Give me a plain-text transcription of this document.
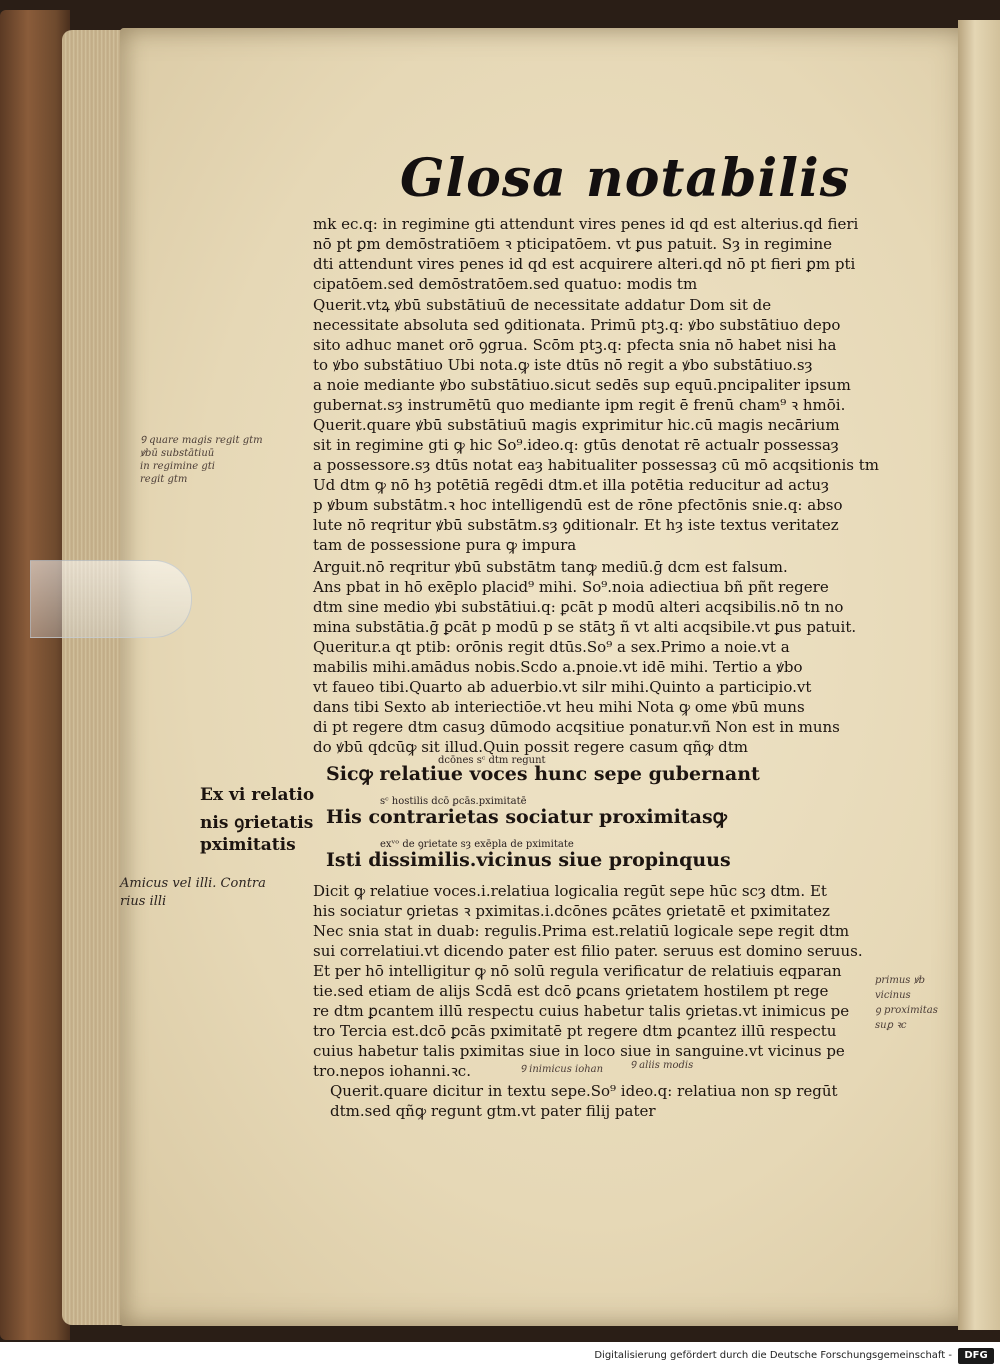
Glosa notabilis
mk ec.q: in regimine gti attendunt vires penes id qd est alterius.qd fieri
nō pt ꝑm demōstratiōem ꝛ pticipatōem. vt ꝑus patuit. Sȝ in regimine
dti attendunt vires penes id qd est acquirere alteri.qd nō pt fieri ꝑm pti
cipatōem.sed demōstratōem.sed quatuo: modis tm
Querit.vtꝝ ꝟbū substātiuū de necessitate addatur Dom sit de
necessitate absoluta sed ꝯditionata. Primū ptꝫ.q: ꝟbo substātiuo depo
sito adhuc manet orō ꝯgrua. Scōm ptꝫ.q: pfecta snia nō habet nisi ha
to ꝟbo substātiuo Ubi nota.ꝙ iste dtūs nō regit a ꝟbo substātiuo.sȝ
a noie mediante ꝟbo substātiuo.sicut sedēs sup equū.pncipaliter ipsum
gubernat.sȝ instrumētū quo mediante ipm regit ē frenū cham⁹ ꝛ hmōi.
Querit.quare ꝟbū substātiuū magis exprimitur hic.cū magis necārium
sit in regimine gti ꝙ hic So⁹.ideo.q: gtūs denotat rē actualr possessaȝ
a possessore.sȝ dtūs notat eaȝ habitualiter possessaȝ cū mō acqsitionis tm
Ud dtm ꝙ nō hȝ potētiā regēdi dtm.et illa potētia reducitur ad actuȝ
p ꝟbum substātm.ꝛ hoc intelligendū est de rōne pfectōnis snie.q: abso
lute nō reqritur ꝟbū substātm.sȝ ꝯditionalr. Et hȝ iste textus veritatez
tam de possessione pura ꝙ impura
Arguit.nō reqritur ꝟbū substātm tanꝙ mediū.ḡ dcm est falsum.
Ans pbat in hō exēplo placid⁹ mihi. So⁹.noia adiectiua bñ pñt regere
dtm sine medio ꝟbi substātiui.q: ꝑcāt p modū alteri acqsibilis.nō tn no
mina substātia.ḡ ꝑcāt p modū p se stātꝫ ñ vt alti acqsibile.vt ꝑus patuit.
Queritur.a qt ptib: orōnis regit dtūs.So⁹ a sex.Primo a noie.vt a
mabilis mihi.amādus nobis.Scdo a.pnoie.vt idē mihi. Tertio a ꝟbo
vt faueo tibi.Quarto ab aduerbio.vt silr mihi.Quinto a participio.vt
dans tibi Sexto ab interiectiōe.vt heu mihi Nota ꝙ ome ꝟbū muns
di pt regere dtm casuȝ dūmodo acqsitiue ponatur.vñ Non est in muns
do ꝟbū qdcūꝙ sit illud.Quin possit regere casum qñꝙ dtm
dcōnes sᶜ dtm regunt
Sicꝙ relatiue voces hunc sepe gubernant
sᶜ hostilis dcō ꝑcās.pximitatē
His contrarietas sociatur proximitasꝙ
exᵛᵒ de ꝯrietate sȝ exēpla de pximitate
Isti dissimilis.vicinus siue propinquus
Ex vi relatio
nis ꝯrietatis
pximitatis
Dicit ꝙ relatiue voces.i.relatiua logicalia regūt sepe hūc scȝ dtm. Et
his sociatur ꝯrietas ꝛ pximitas.i.dcōnes ꝑcātes ꝯrietatē et pximitatez
Nec snia stat in duab: regulis.Prima est.relatiū logicale sepe regit dtm
sui correlatiui.vt dicendo pater est filio pater. seruus est domino seruus.
Et per hō intelligitur ꝙ nō solū regula verificatur de relatiuis eqparan
tie.sed etiam de alijs Scdā est dcō ꝑcans ꝯrietatem hostilem pt rege
re dtm ꝑcantem illū respectu cuius habetur talis ꝯrietas.vt inimicus pe
tro Tercia est.dcō ꝑcās pximitatē pt regere dtm ꝑcantez illū respectu
cuius habetur talis pximitas siue in loco siue in sanguine.vt vicinus pe
tro.nepos iohanni.ꝛc.
Querit.quare dicitur in textu sepe.So⁹ ideo.q: relatiua non sp regūt
dtm.sed qñꝙ regunt gtm.vt pater filij pater
Ꝯ quare magis regit gtm
ꝟbū substātiuū
in regimine gti
regit gtm
Amicus vel illi. Contra
rius illi
primus ꝟb
vicinus
ꝯ proximitas
suꝑ ꝛc
Ꝯ inimicus iohan	Ꝯ aliis modis
Digitalisierung gefördert durch die Deutsche Forschungsgemeinschaft -	DFG
